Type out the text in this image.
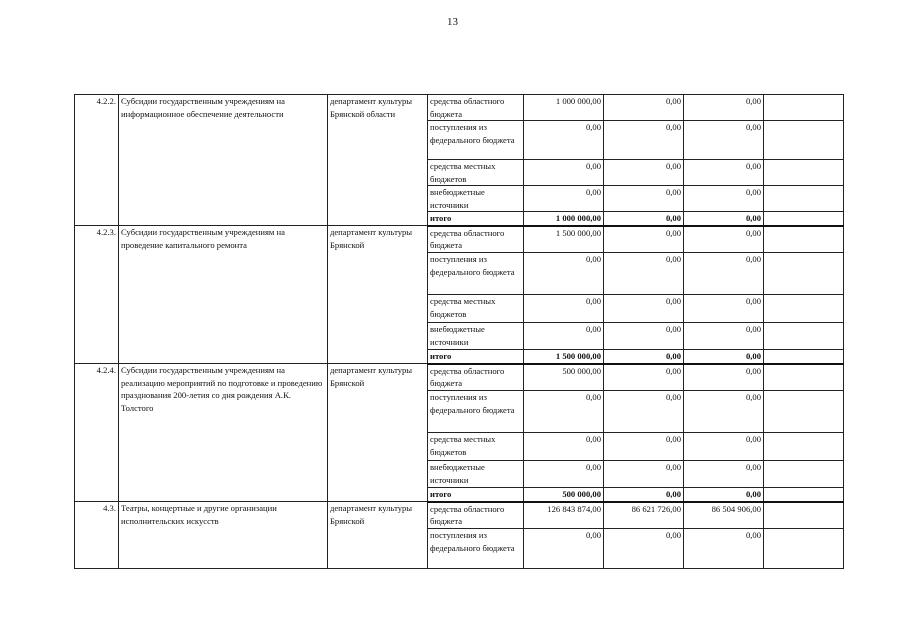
13
4.2.2.	Субсидии государственным учреждениям на информационное обеспечение деятельности	департамент культуры Брянской области	средства областного бюджета	1 000 000,00	0,00	0,00	
			поступления из федерального бюджета	0,00	0,00	0,00	
			средства местных бюджетов	0,00	0,00	0,00	
			внебюджетные источники	0,00	0,00	0,00	
			итого	1 000 000,00	0,00	0,00	
4.2.3.	Субсидии государственным учреждениям на проведение капитального ремонта	департамент культуры Брянской	средства областного бюджета	1 500 000,00	0,00	0,00	
			поступления из федерального бюджета	0,00	0,00	0,00	
			средства местных бюджетов	0,00	0,00	0,00	
			внебюджетные источники	0,00	0,00	0,00	
			итого	1 500 000,00	0,00	0,00	
4.2.4.	Субсидии государственным учреждениям на реализацию мероприятий по подготовке и проведению празднования 200-летия со дня рождения А.К. Толстого	департамент культуры Брянской	средства областного бюджета	500 000,00	0,00	0,00	
			поступления из федерального бюджета	0,00	0,00	0,00	
			средства местных бюджетов	0,00	0,00	0,00	
			внебюджетные источники	0,00	0,00	0,00	
			итого	500 000,00	0,00	0,00	
4.3.	Театры, концертные и другие организации исполнительских искусств	департамент культуры Брянской	средства областного бюджета	126 843 874,00	86 621 726,00	86 504 906,00	
			поступления из федерального бюджета	0,00	0,00	0,00	
